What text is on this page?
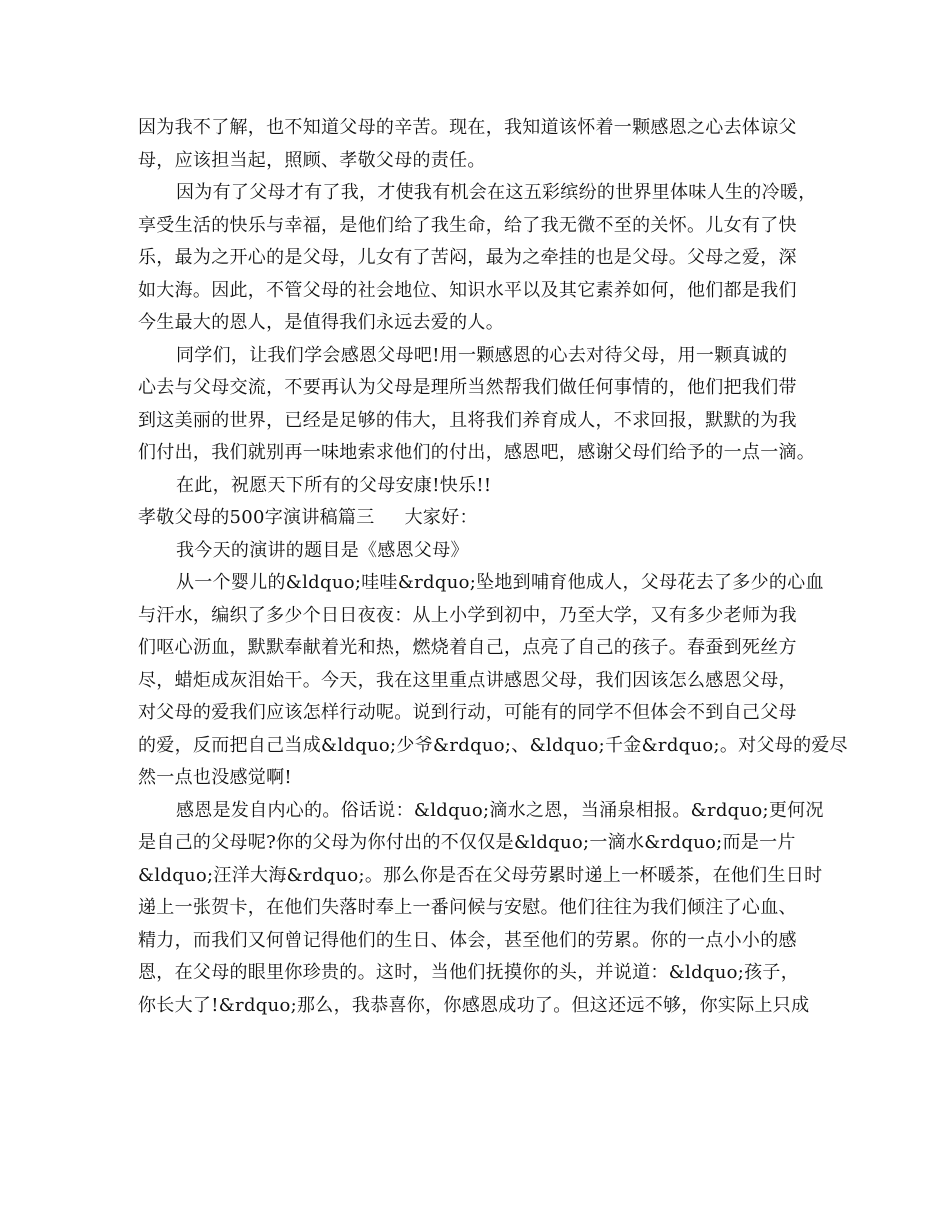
因为我不了解，也不知道父母的辛苦。现在，我知道该怀着一颗感恩之心去体谅父
母，应该担当起，照顾、孝敬父母的责任。
因为有了父母才有了我，才使我有机会在这五彩缤纷的世界里体味人生的冷暖，
享受生活的快乐与幸福，是他们给了我生命，给了我无微不至的关怀。儿女有了快
乐，最为之开心的是父母，儿女有了苦闷，最为之牵挂的也是父母。父母之爱，深
如大海。因此，不管父母的社会地位、知识水平以及其它素养如何，他们都是我们
今生最大的恩人，是值得我们永远去爱的人。
同学们，让我们学会感恩父母吧!用一颗感恩的心去对待父母，用一颗真诚的
心去与父母交流，不要再认为父母是理所当然帮我们做任何事情的，他们把我们带
到这美丽的世界，已经是足够的伟大，且将我们养育成人，不求回报，默默的为我
们付出，我们就别再一味地索求他们的付出，感恩吧，感谢父母们给予的一点一滴。
在此，祝愿天下所有的父母安康!快乐!!
孝敬父母的500字演讲稿篇三 大家好：
我今天的演讲的题目是《感恩父母》
从一个婴儿的&ldquo;哇哇&rdquo;坠地到哺育他成人，父母花去了多少的心血
与汗水，编织了多少个日日夜夜：从上小学到初中，乃至大学，又有多少老师为我
们呕心沥血，默默奉献着光和热，燃烧着自己，点亮了自己的孩子。春蚕到死丝方
尽，蜡炬成灰泪始干。今天，我在这里重点讲感恩父母，我们因该怎么感恩父母，
对父母的爱我们应该怎样行动呢。说到行动，可能有的同学不但体会不到自己父母
的爱，反而把自己当成&ldquo;少爷&rdquo;、&ldquo;千金&rdquo;。对父母的爱尽
然一点也没感觉啊!
感恩是发自内心的。俗话说：&ldquo;滴水之恩，当涌泉相报。&rdquo;更何况
是自己的父母呢?你的父母为你付出的不仅仅是&ldquo;一滴水&rdquo;而是一片
&ldquo;汪洋大海&rdquo;。那么你是否在父母劳累时递上一杯暖茶，在他们生日时
递上一张贺卡，在他们失落时奉上一番问候与安慰。他们往往为我们倾注了心血、
精力，而我们又何曾记得他们的生日、体会，甚至他们的劳累。你的一点小小的感
恩，在父母的眼里你珍贵的。这时，当他们抚摸你的头，并说道：&ldquo;孩子，
你长大了!&rdquo;那么，我恭喜你，你感恩成功了。但这还远不够，你实际上只成
